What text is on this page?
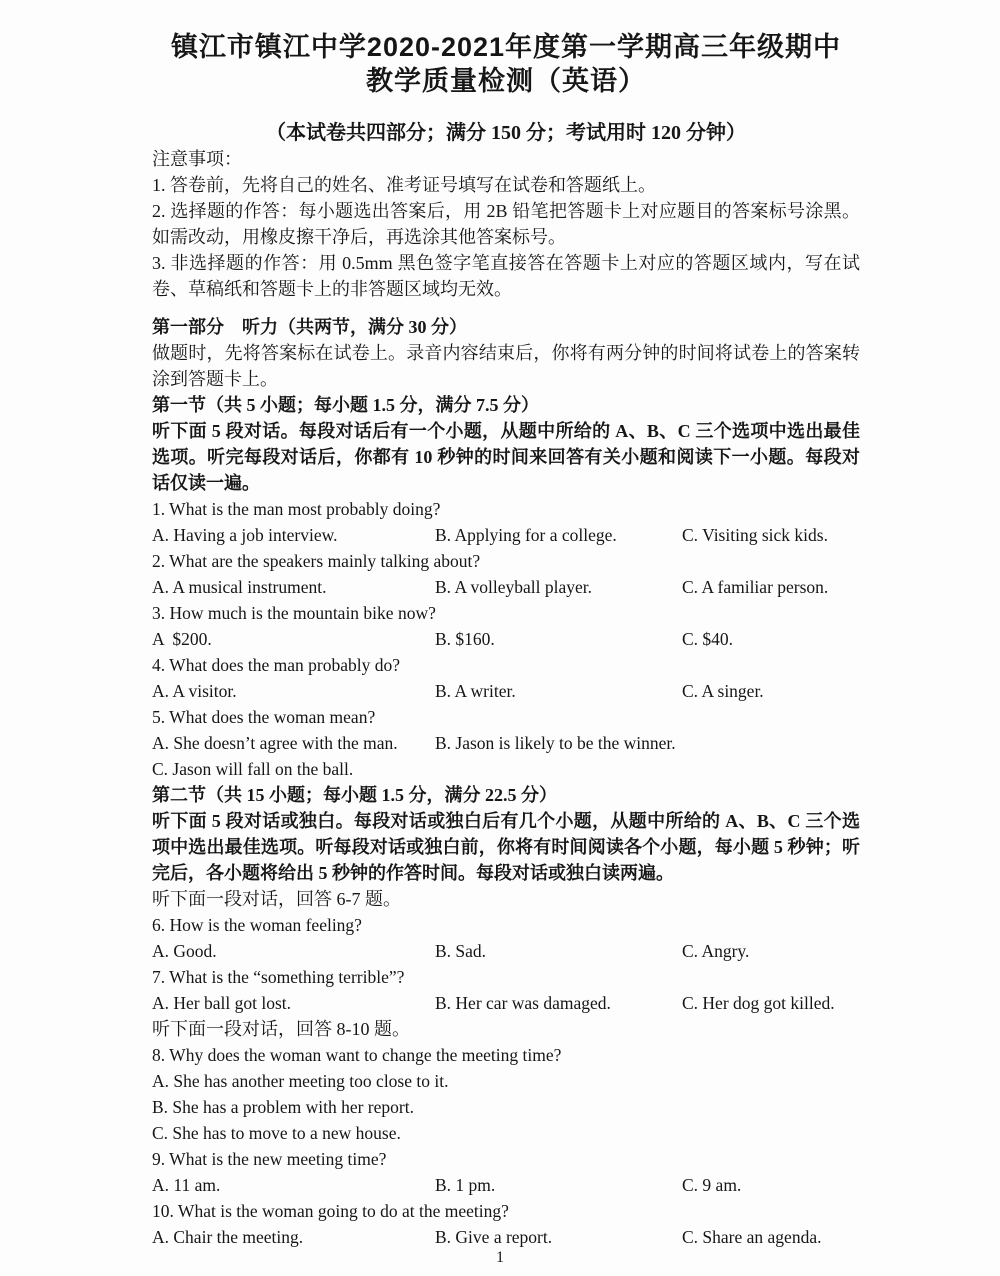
镇江市镇江中学2020-2021年度第一学期高三年级期中
教学质量检测（英语）
（本试卷共四部分；满分 150 分；考试用时 120 分钟）
注意事项：
1. 答卷前，先将自己的姓名、准考证号填写在试卷和答题纸上。
2. 选择题的作答：每小题选出答案后，用 2B 铅笔把答题卡上对应题目的答案标号涂黑。如需改动，用橡皮擦干净后，再选涂其他答案标号。
3. 非选择题的作答：用 0.5mm 黑色签字笔直接答在答题卡上对应的答题区域内，写在试卷、草稿纸和答题卡上的非答题区域均无效。
第一部分　听力（共两节，满分 30 分）
做题时，先将答案标在试卷上。录音内容结束后，你将有两分钟的时间将试卷上的答案转涂到答题卡上。
第一节（共 5 小题；每小题 1.5 分，满分 7.5 分）
听下面 5 段对话。每段对话后有一个小题，从题中所给的 A、B、C 三个选项中选出最佳选项。听完每段对话后，你都有 10 秒钟的时间来回答有关小题和阅读下一小题。每段对话仅读一遍。
1. What is the man most probably doing?
A. Having a job interview.	B. Applying for a college.	C. Visiting sick kids.
2. What are the speakers mainly talking about?
A. A musical instrument.	B. A volleyball player.	C. A familiar person.
3. How much is the mountain bike now?
A  $200.	B. $160.	C. $40.
4. What does the man probably do?
A. A visitor.	B. A writer.	C. A singer.
5. What does the woman mean?
A. She doesn’t agree with the man.	B. Jason is likely to be the winner.
C. Jason will fall on the ball.
第二节（共 15 小题；每小题 1.5 分，满分 22.5 分）
听下面 5 段对话或独白。每段对话或独白后有几个小题，从题中所给的 A、B、C 三个选项中选出最佳选项。听每段对话或独白前，你将有时间阅读各个小题，每小题 5 秒钟；听完后，各小题将给出 5 秒钟的作答时间。每段对话或独白读两遍。
听下面一段对话，回答 6-7 题。
6. How is the woman feeling?
A. Good.	B. Sad.	C. Angry.
7. What is the “something terrible”?
A. Her ball got lost.	B. Her car was damaged.	C. Her dog got killed.
听下面一段对话，回答 8-10 题。
8. Why does the woman want to change the meeting time?
A. She has another meeting too close to it.
B. She has a problem with her report.
C. She has to move to a new house.
9. What is the new meeting time?
A. 11 am.	B. 1 pm.	C. 9 am.
10. What is the woman going to do at the meeting?
A. Chair the meeting.	B. Give a report.	C. Share an agenda.
1
